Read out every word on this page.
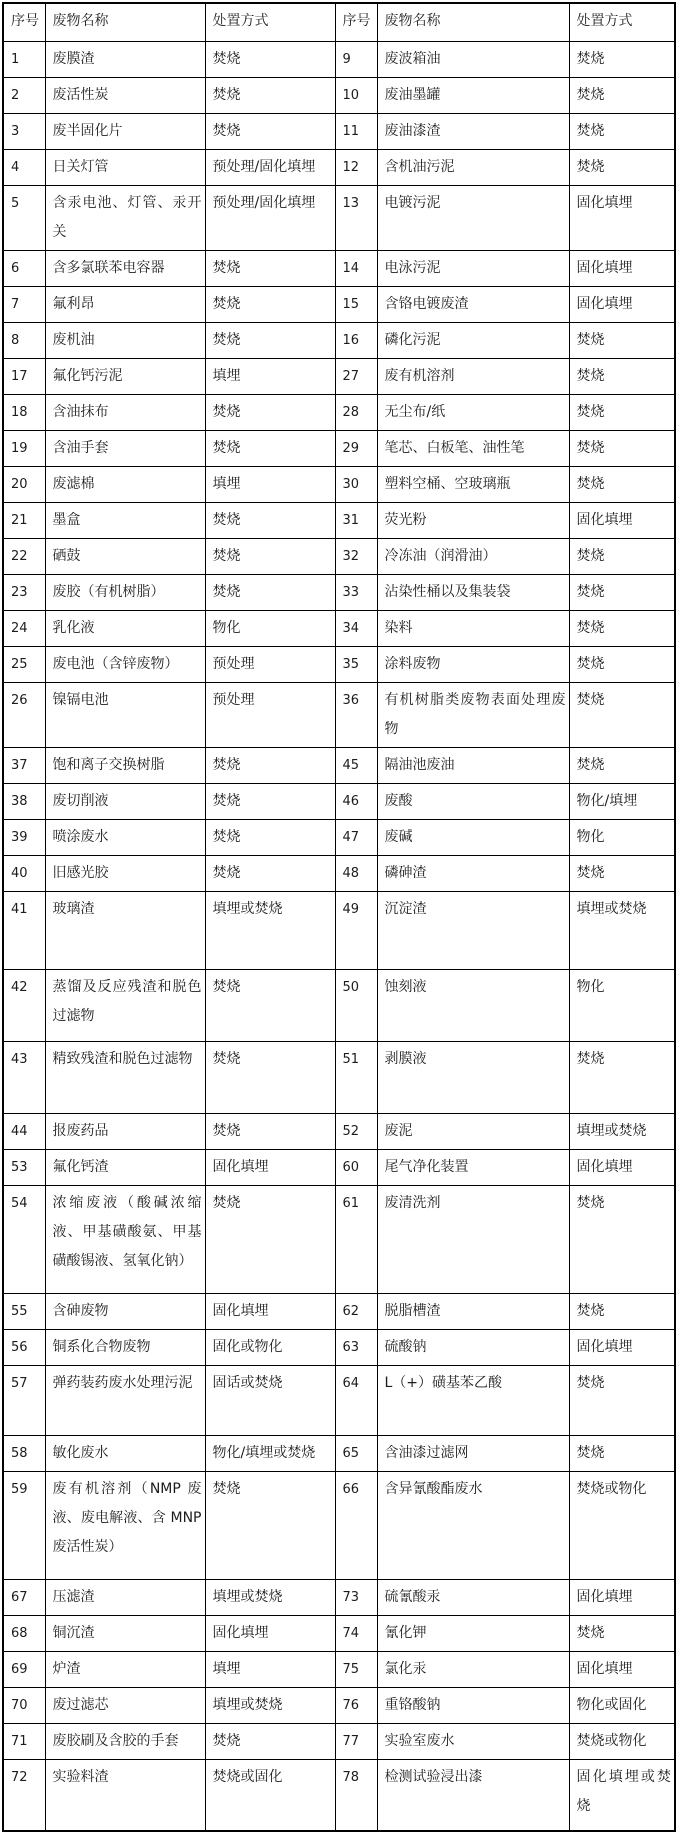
序号	废物名称	处置方式	序号	废物名称	处置方式
1	废膜渣	焚烧	9	废波箱油	焚烧
2	废活性炭	焚烧	10	废油墨罐	焚烧
3	废半固化片	焚烧	11	废油漆渣	焚烧
4	日关灯管	预处理/固化填埋	12	含机油污泥	焚烧
5	含汞电池、灯管、汞开关	预处理/固化填埋	13	电镀污泥	固化填埋
6	含多氯联苯电容器	焚烧	14	电泳污泥	固化填埋
7	氟利昂	焚烧	15	含铬电镀废渣	固化填埋
8	废机油	焚烧	16	磷化污泥	焚烧
17	氟化钙污泥	填埋	27	废有机溶剂	焚烧
18	含油抹布	焚烧	28	无尘布/纸	焚烧
19	含油手套	焚烧	29	笔芯、白板笔、油性笔	焚烧
20	废滤棉	填埋	30	塑料空桶、空玻璃瓶	焚烧
21	墨盒	焚烧	31	荧光粉	固化填埋
22	硒鼓	焚烧	32	冷冻油（润滑油）	焚烧
23	废胶（有机树脂）	焚烧	33	沾染性桶以及集装袋	焚烧
24	乳化液	物化	34	染料	焚烧
25	废电池（含锌废物）	预处理	35	涂料废物	焚烧
26	镍镉电池	预处理	36	有机树脂类废物表面处理废物	焚烧
37	饱和离子交换树脂	焚烧	45	隔油池废油	焚烧
38	废切削液	焚烧	46	废酸	物化/填埋
39	喷涂废水	焚烧	47	废碱	物化
40	旧感光胶	焚烧	48	磷砷渣	焚烧
41	玻璃渣	填埋或焚烧	49	沉淀渣	填埋或焚烧
42	蒸馏及反应残渣和脱色过滤物	焚烧	50	蚀刻液	物化
43	精致残渣和脱色过滤物	焚烧	51	剥膜液	焚烧
44	报废药品	焚烧	52	废泥	填埋或焚烧
53	氟化钙渣	固化填埋	60	尾气净化装置	固化填埋
54	浓缩废液（酸碱浓缩液、甲基磺酸氨、甲基磺酸锡液、氢氧化钠）	焚烧	61	废清洗剂	焚烧
55	含砷废物	固化填埋	62	脱脂槽渣	焚烧
56	铜系化合物废物	固化或物化	63	硫酸钠	固化填埋
57	弹药装药废水处理污泥	固话或焚烧	64	L（+）磺基苯乙酸	焚烧
58	敏化废水	物化/填埋或焚烧	65	含油漆过滤网	焚烧
59	废有机溶剂（NMP 废液、废电解液、含 MNP 废活性炭）	焚烧	66	含异氰酸酯废水	焚烧或物化
67	压滤渣	填埋或焚烧	73	硫氰酸汞	固化填埋
68	铜沉渣	固化填埋	74	氰化钾	焚烧
69	炉渣	填埋	75	氯化汞	固化填埋
70	废过滤芯	填埋或焚烧	76	重铬酸钠	物化或固化
71	废胶刷及含胶的手套	焚烧	77	实验室废水	焚烧或物化
72	实验料渣	焚烧或固化	78	检测试验浸出漆	固化填埋或焚烧
